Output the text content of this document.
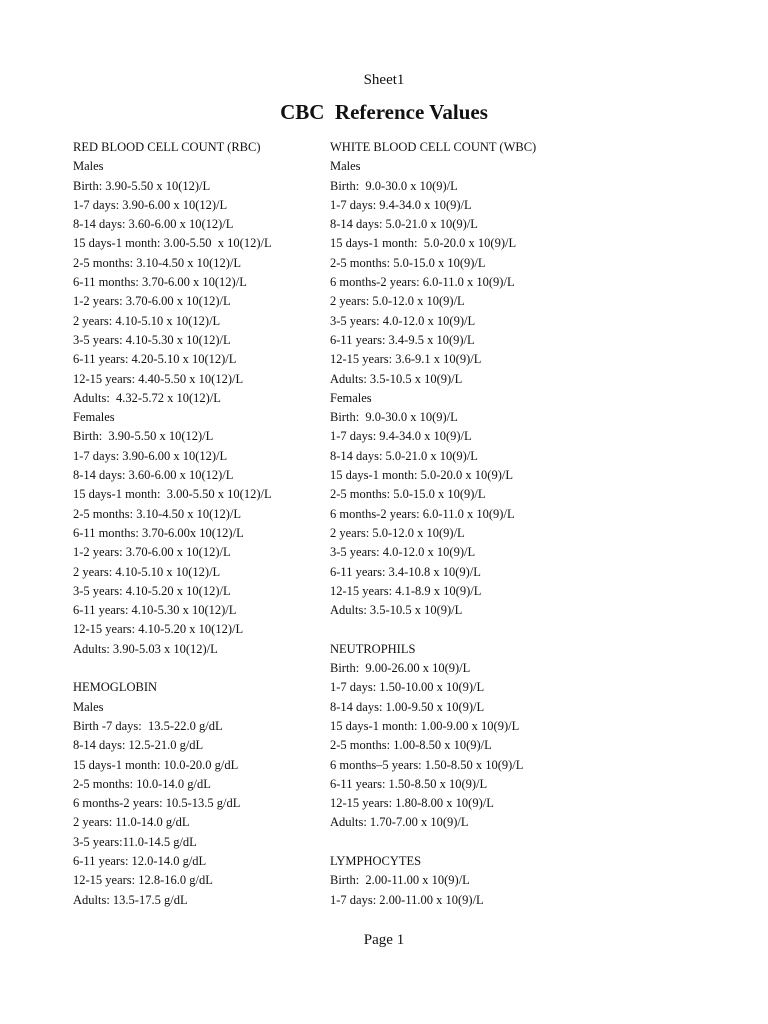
Sheet1
CBC  Reference Values
RED BLOOD CELL COUNT (RBC)
Males
Birth: 3.90-5.50 x 10(12)/L
1-7 days: 3.90-6.00 x 10(12)/L
8-14 days: 3.60-6.00 x 10(12)/L
15 days-1 month: 3.00-5.50  x 10(12)/L
2-5 months: 3.10-4.50 x 10(12)/L
6-11 months: 3.70-6.00 x 10(12)/L
1-2 years: 3.70-6.00 x 10(12)/L
2 years: 4.10-5.10 x 10(12)/L
3-5 years: 4.10-5.30 x 10(12)/L
6-11 years: 4.20-5.10 x 10(12)/L
12-15 years: 4.40-5.50 x 10(12)/L
Adults:  4.32-5.72 x 10(12)/L
Females
Birth:  3.90-5.50 x 10(12)/L
1-7 days: 3.90-6.00 x 10(12)/L
8-14 days: 3.60-6.00 x 10(12)/L
15 days-1 month:  3.00-5.50 x 10(12)/L
2-5 months: 3.10-4.50 x 10(12)/L
6-11 months: 3.70-6.00x 10(12)/L
1-2 years: 3.70-6.00 x 10(12)/L
2 years: 4.10-5.10 x 10(12)/L
3-5 years: 4.10-5.20 x 10(12)/L
6-11 years: 4.10-5.30 x 10(12)/L
12-15 years: 4.10-5.20 x 10(12)/L
Adults: 3.90-5.03 x 10(12)/L
HEMOGLOBIN
Males
Birth -7 days:  13.5-22.0 g/dL
8-14 days: 12.5-21.0 g/dL
15 days-1 month: 10.0-20.0 g/dL
2-5 months: 10.0-14.0 g/dL
6 months-2 years: 10.5-13.5 g/dL
2 years: 11.0-14.0 g/dL
3-5 years:11.0-14.5 g/dL
6-11 years: 12.0-14.0 g/dL
12-15 years: 12.8-16.0 g/dL
Adults: 13.5-17.5 g/dL
WHITE BLOOD CELL COUNT (WBC)
Males
Birth:  9.0-30.0 x 10(9)/L
1-7 days: 9.4-34.0 x 10(9)/L
8-14 days: 5.0-21.0 x 10(9)/L
15 days-1 month:  5.0-20.0 x 10(9)/L
2-5 months: 5.0-15.0 x 10(9)/L
6 months-2 years: 6.0-11.0 x 10(9)/L
2 years: 5.0-12.0 x 10(9)/L
3-5 years: 4.0-12.0 x 10(9)/L
6-11 years: 3.4-9.5 x 10(9)/L
12-15 years: 3.6-9.1 x 10(9)/L
Adults: 3.5-10.5 x 10(9)/L
Females
Birth:  9.0-30.0 x 10(9)/L
1-7 days: 9.4-34.0 x 10(9)/L
8-14 days: 5.0-21.0 x 10(9)/L
15 days-1 month: 5.0-20.0 x 10(9)/L
2-5 months: 5.0-15.0 x 10(9)/L
6 months-2 years: 6.0-11.0 x 10(9)/L
2 years: 5.0-12.0 x 10(9)/L
3-5 years: 4.0-12.0 x 10(9)/L
6-11 years: 3.4-10.8 x 10(9)/L
12-15 years: 4.1-8.9 x 10(9)/L
Adults: 3.5-10.5 x 10(9)/L
NEUTROPHILS
Birth:  9.00-26.00 x 10(9)/L
1-7 days: 1.50-10.00 x 10(9)/L
8-14 days: 1.00-9.50 x 10(9)/L
15 days-1 month: 1.00-9.00 x 10(9)/L
2-5 months: 1.00-8.50 x 10(9)/L
6 months–5 years: 1.50-8.50 x 10(9)/L
6-11 years: 1.50-8.50 x 10(9)/L
12-15 years: 1.80-8.00 x 10(9)/L
Adults: 1.70-7.00 x 10(9)/L
LYMPHOCYTES
Birth:  2.00-11.00 x 10(9)/L
1-7 days: 2.00-11.00 x 10(9)/L
Page 1
